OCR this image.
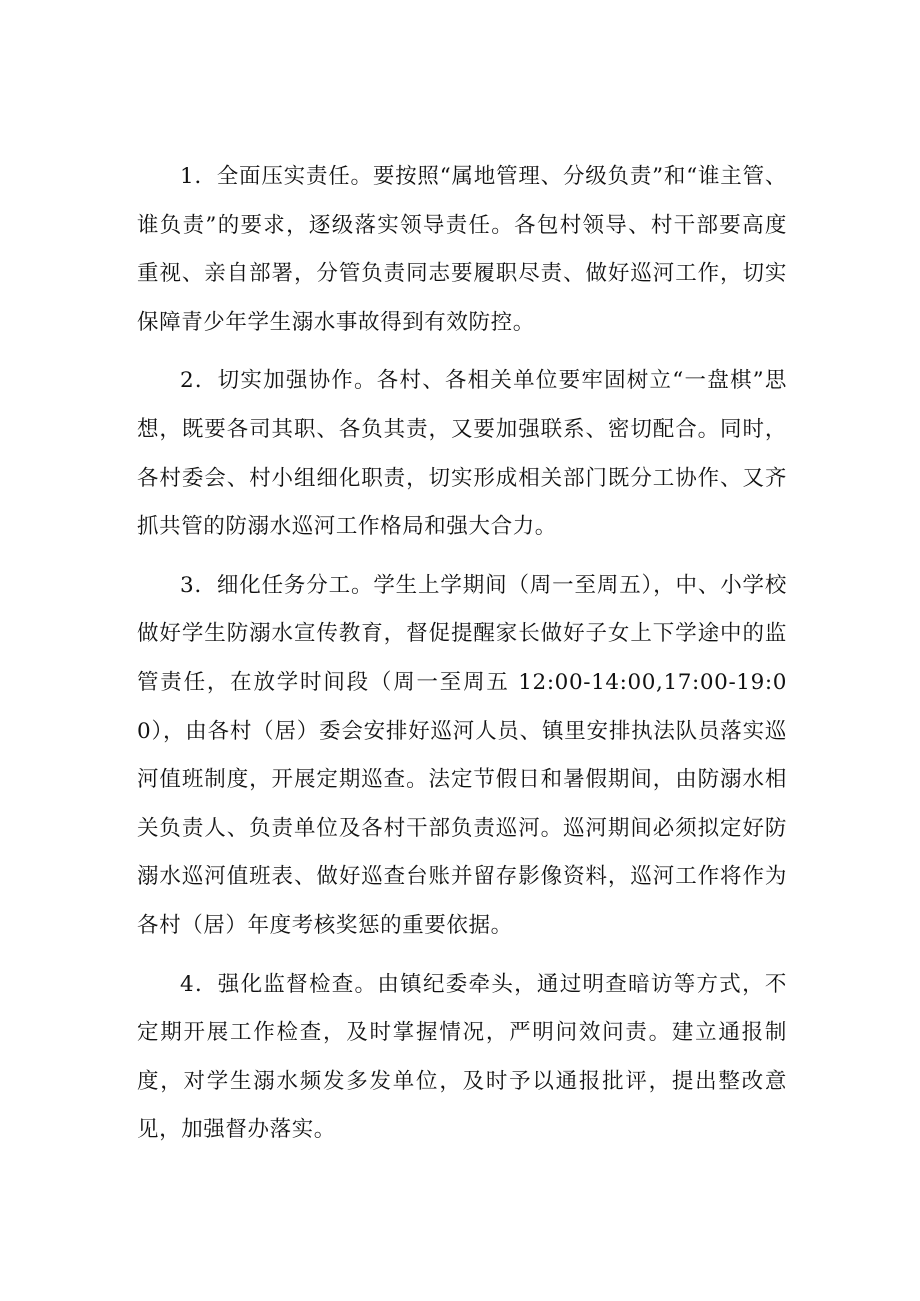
1．全面压实责任。要按照“属地管理、分级负责”和“谁主管、谁负责”的要求，逐级落实领导责任。各包村领导、村干部要高度重视、亲自部署，分管负责同志要履职尽责、做好巡河工作，切实保障青少年学生溺水事故得到有效防控。

2．切实加强协作。各村、各相关单位要牢固树立“一盘棋”思想，既要各司其职、各负其责，又要加强联系、密切配合。同时，各村委会、村小组细化职责，切实形成相关部门既分工协作、又齐抓共管的防溺水巡河工作格局和强大合力。

3．细化任务分工。学生上学期间（周一至周五），中、小学校做好学生防溺水宣传教育，督促提醒家长做好子女上下学途中的监管责任，在放学时间段（周一至周五 12:00-14:00,17:00-19:00），由各村（居）委会安排好巡河人员、镇里安排执法队员落实巡河值班制度，开展定期巡查。法定节假日和暑假期间，由防溺水相关负责人、负责单位及各村干部负责巡河。巡河期间必须拟定好防溺水巡河值班表、做好巡查台账并留存影像资料，巡河工作将作为各村（居）年度考核奖惩的重要依据。

4．强化监督检查。由镇纪委牵头，通过明查暗访等方式，不定期开展工作检查，及时掌握情况，严明问效问责。建立通报制度，对学生溺水频发多发单位，及时予以通报批评，提出整改意见，加强督办落实。
